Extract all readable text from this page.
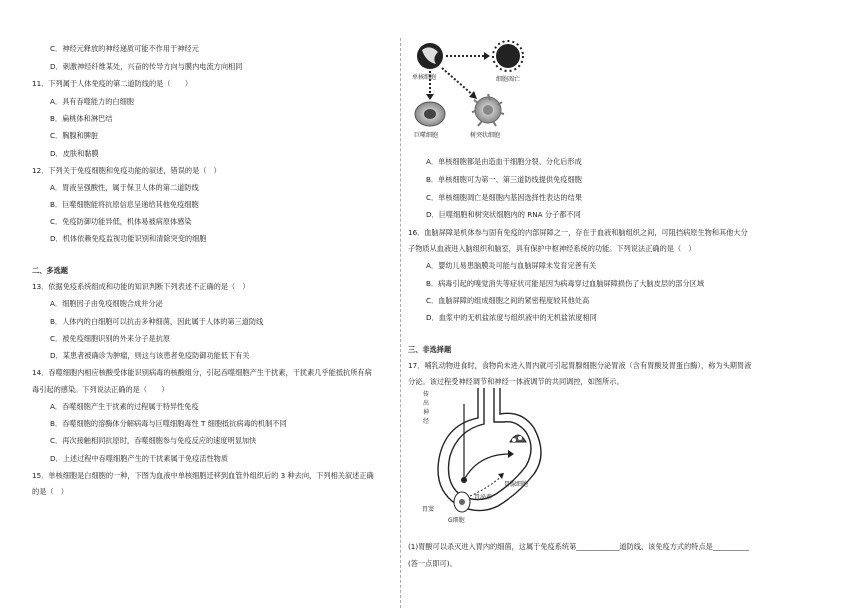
C．神经元释放的神经递质可能不作用于神经元
D．刺激神经纤维某处，兴奋的传导方向与膜内电流方向相同
11．下列属于人体免疫的第二道防线的是（　　）
A．具有吞噬能力的白细胞
B．扁桃体和淋巴结
C．胸腺和脾脏
D．皮肤和黏膜
12．下列关于免疫细胞和免疫功能的叙述，错误的是（　）
A．胃液呈强酸性，属于保卫人体的第二道防线
B．巨噬细胞能将抗原信息呈递给其他免疫细胞
C．免疫防御功能异低，机体易被病原体感染
D．机体依赖免疫监视功能识别和清除突变的细胞
二、多选题
13．依据免疫系统组成和功能的知识判断下列表述不正确的是（　）
A．细胞因子由免疫细胞合成并分泌
B．人体内的白细胞可以抗击多种细菌，因此属于人体的第三道防线
C．被免疫细胞识别的外来分子是抗原
D．某患者被确诊为肿瘤，则这与该患者免疫防御功能低下有关
14．吞噬细胞内相应核酸受体能识别病毒的核酸组分，引起吞噬细胞产生干扰素，干扰素几乎能抵抗所有病
毒引起的感染。下列说法正确的是（　　）
A．吞噬细胞产生干扰素的过程属于特异性免疫
B．吞噬细胞的溶酶体分解病毒与巨噬细胞毒性 T 细胞抵抗病毒的机制不同
C．再次接触相同抗原时，吞噬细胞参与免疫反应的速度明显加快
D．上述过程中吞噬细胞产生的干扰素属于免疫活性物质
15．单核细胞是白细胞的一种，下图为血液中单核细胞迁移到血管外组织后的 3 种去向，下列相关叙述正确
的是（　）
单核细胞	细胞凋亡
巨噬细胞	树突状细胞
A．单核细胞都是由造血干细胞分裂、分化后形成
B．单核细胞可为第一、第三道防线提供免疫细胞
C．单核细胞凋亡是细胞内基因选择性表达的结果
D．巨噬细胞和树突状细胞内的 RNA 分子都不同
16．血脑屏障是机体参与固有免疫的内部屏障之一，存在于血液和脑组织之间，可阻挡病原生物和其他大分
子物质从血液进入脑组织和脑室，具有保护中枢神经系统的功能。下列说法正确的是（　）
A．婴幼儿易患脑膜炎可能与血脑屏障未发育完善有关
B．病毒引起的嗅觉消失等症状可能是因为病毒穿过血脑屏障损伤了大脑皮层的部分区域
C．血脑屏障的组成细胞之间的紧密程度较其他处高
D．血浆中的无机盐浓度与组织液中的无机盐浓度相同
三、非选择题
17．哺乳动物进食时，食物尚未进入胃内就可引起胃腺细胞分泌胃液（含有胃酸及胃蛋白酶），称为头期胃液
分泌。该过程受神经调节和神经一体液调节的共同调控，如图所示。
(1)胃酸可以杀灭进入胃内的细菌，这属于免疫系统第____________道防线，该免疫方式的特点是__________
(答一点即可)。
传出神经
胃腺细胞
胃泌素
胃窦
G细胞
